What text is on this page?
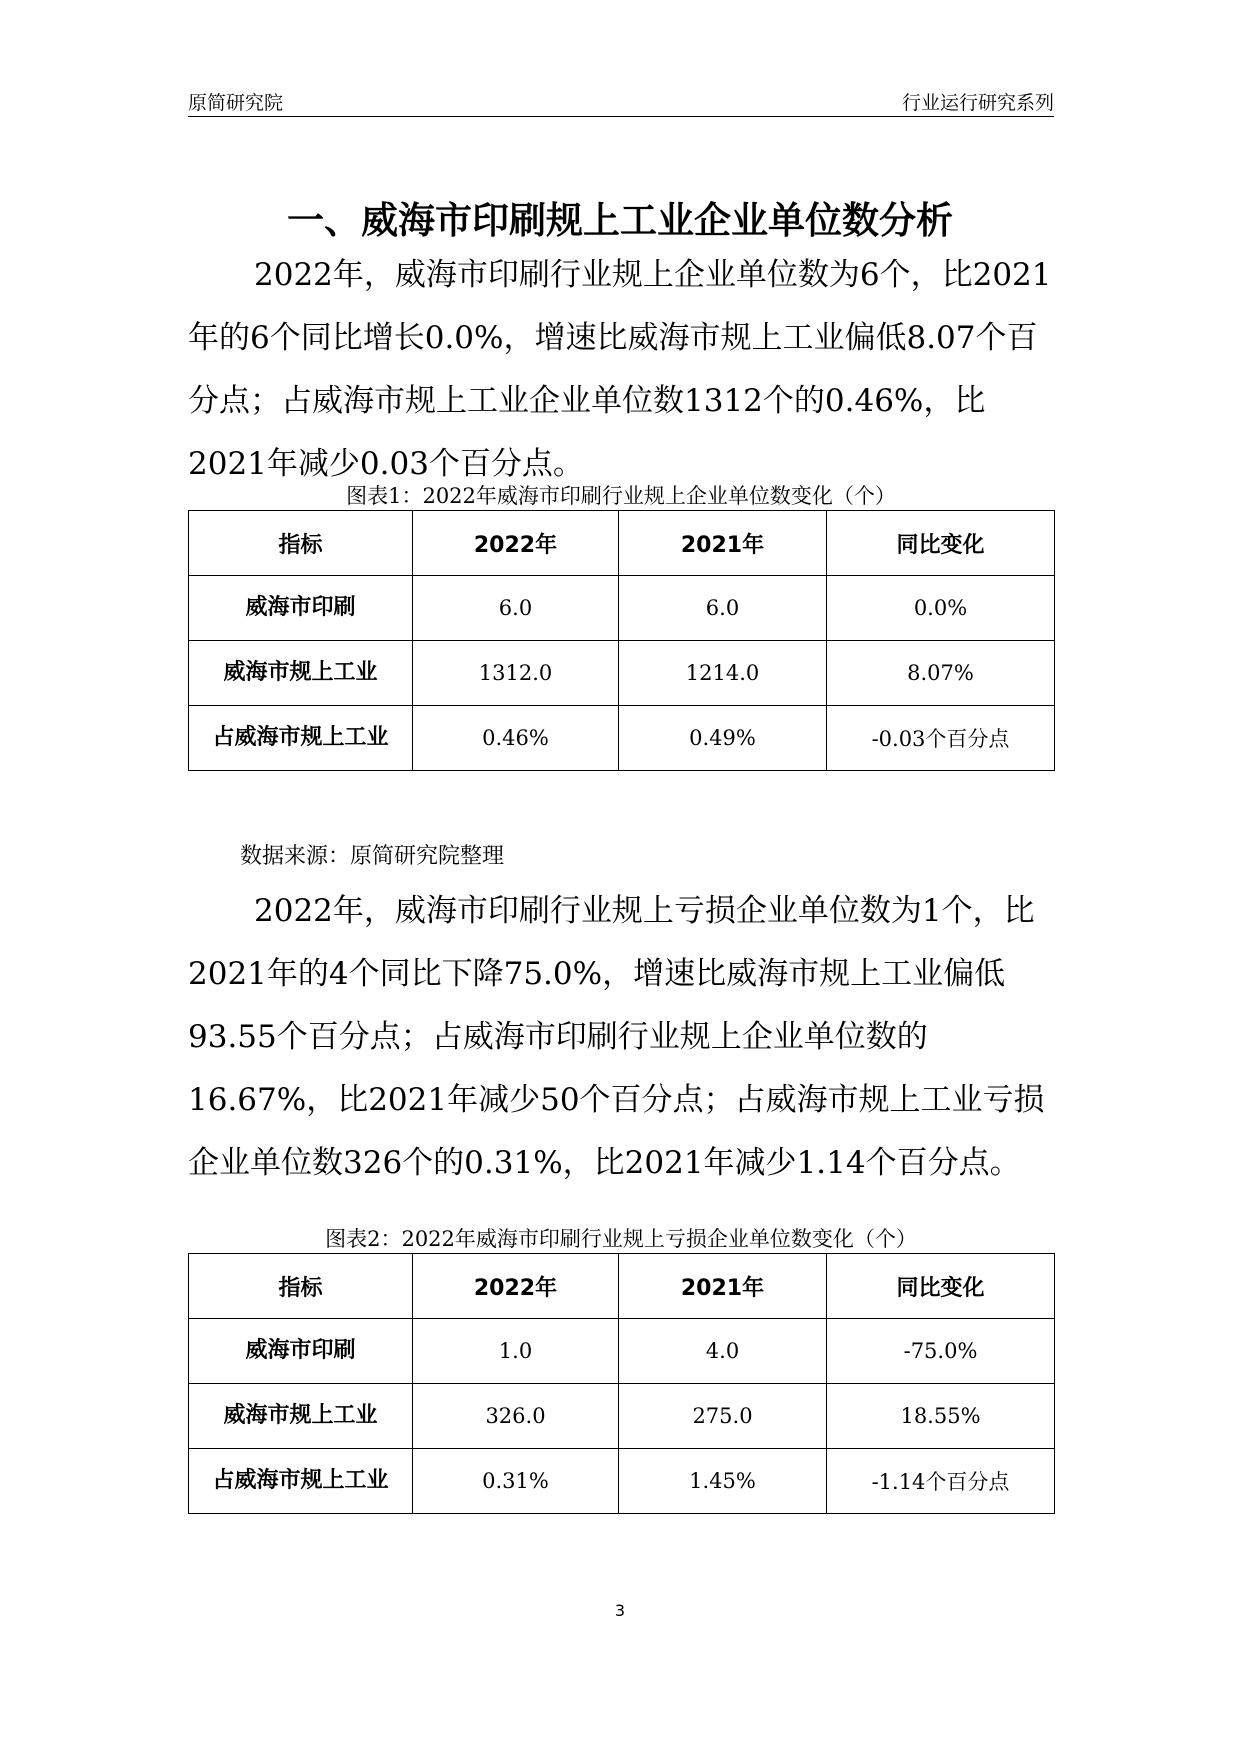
原简研究院	行业运行研究系列
一、威海市印刷规上工业企业单位数分析

2022年，威海市印刷行业规上企业单位数为6个，比2021年的6个同比增长0.0%，增速比威海市规上工业偏低8.07个百分点；占威海市规上工业企业单位数1312个的0.46%，比2021年减少0.03个百分点。

图表1：2022年威海市印刷行业规上企业单位数变化（个）
指标	2022年	2021年	同比变化
威海市印刷	6.0	6.0	0.0%
威海市规上工业	1312.0	1214.0	8.07%
占威海市规上工业	0.46%	0.49%	-0.03个百分点
数据来源：原简研究院整理

2022年，威海市印刷行业规上亏损企业单位数为1个，比2021年的4个同比下降75.0%，增速比威海市规上工业偏低93.55个百分点；占威海市印刷行业规上企业单位数的16.67%，比2021年减少50个百分点；占威海市规上工业亏损企业单位数326个的0.31%，比2021年减少1.14个百分点。

图表2：2022年威海市印刷行业规上亏损企业单位数变化（个）
指标	2022年	2021年	同比变化
威海市印刷	1.0	4.0	-75.0%
威海市规上工业	326.0	275.0	18.55%
占威海市规上工业	0.31%	1.45%	-1.14个百分点
3
